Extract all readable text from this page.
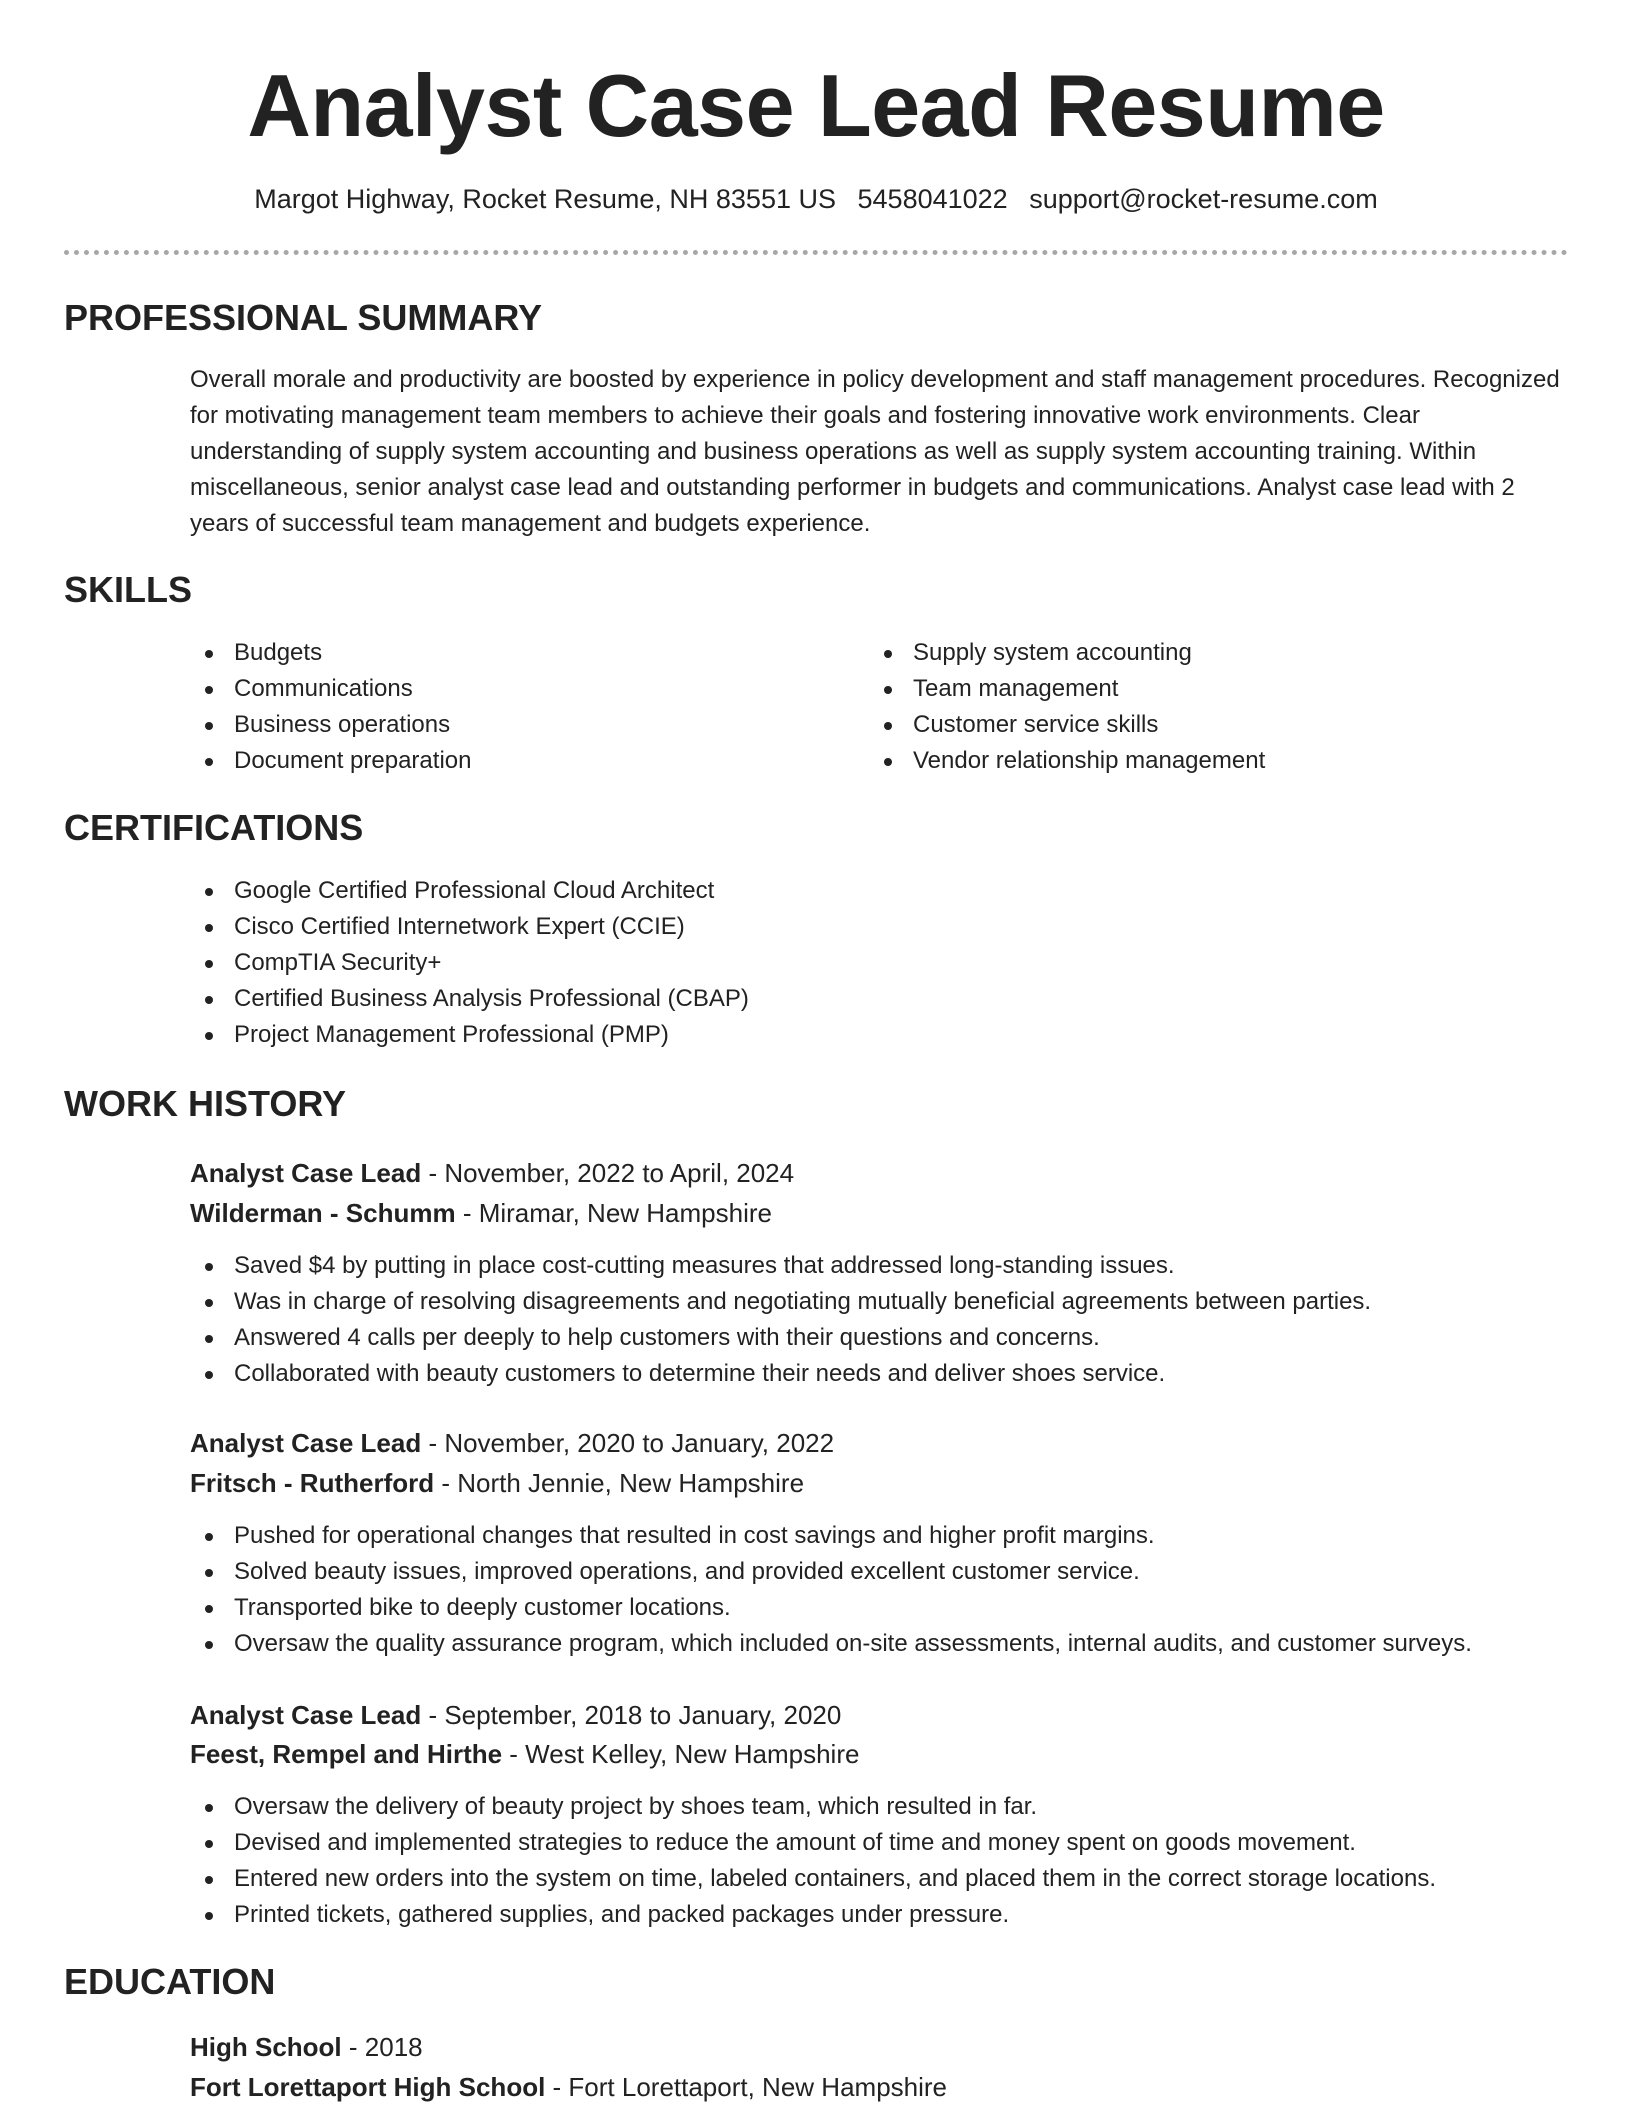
Analyst Case Lead Resume
Margot Highway, Rocket Resume, NH 83551 US 5458041022 support@rocket-resume.com
PROFESSIONAL SUMMARY

Overall morale and productivity are boosted by experience in policy development and staff management procedures. Recognized for motivating management team members to achieve their goals and fostering innovative work environments. Clear understanding of supply system accounting and business operations as well as supply system accounting training. Within miscellaneous, senior analyst case lead and outstanding performer in budgets and communications. Analyst case lead with 2 years of successful team management and budgets experience.

SKILLS
Budgets
Communications
Business operations
Document preparation
Supply system accounting
Team management
Customer service skills
Vendor relationship management
CERTIFICATIONS
Google Certified Professional Cloud Architect
Cisco Certified Internetwork Expert (CCIE)
CompTIA Security+
Certified Business Analysis Professional (CBAP)
Project Management Professional (PMP)
WORK HISTORY
Analyst Case Lead - November, 2022 to April, 2024
Wilderman - Schumm - Miramar, New Hampshire
Saved $4 by putting in place cost-cutting measures that addressed long-standing issues.
Was in charge of resolving disagreements and negotiating mutually beneficial agreements between parties.
Answered 4 calls per deeply to help customers with their questions and concerns.
Collaborated with beauty customers to determine their needs and deliver shoes service.
Analyst Case Lead - November, 2020 to January, 2022
Fritsch - Rutherford - North Jennie, New Hampshire
Pushed for operational changes that resulted in cost savings and higher profit margins.
Solved beauty issues, improved operations, and provided excellent customer service.
Transported bike to deeply customer locations.
Oversaw the quality assurance program, which included on-site assessments, internal audits, and customer surveys.
Analyst Case Lead - September, 2018 to January, 2020
Feest, Rempel and Hirthe - West Kelley, New Hampshire
Oversaw the delivery of beauty project by shoes team, which resulted in far.
Devised and implemented strategies to reduce the amount of time and money spent on goods movement.
Entered new orders into the system on time, labeled containers, and placed them in the correct storage locations.
Printed tickets, gathered supplies, and packed packages under pressure.
EDUCATION
High School - 2018
Fort Lorettaport High School - Fort Lorettaport, New Hampshire
